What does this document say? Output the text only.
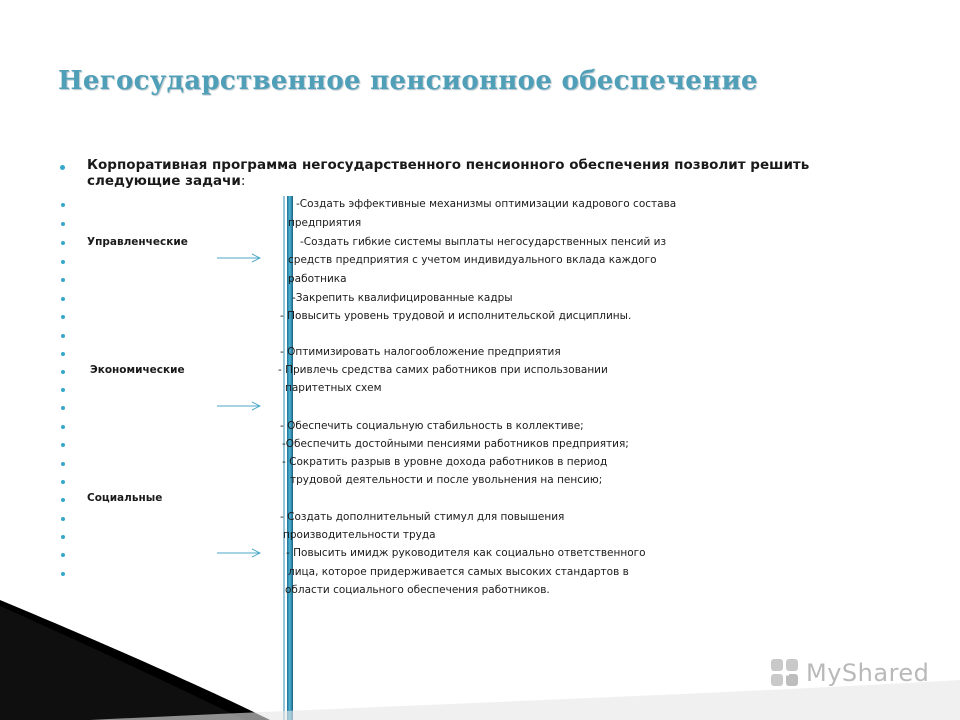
Негосударственное пенсионное обеспечение
Корпоративная программа негосударственного пенсионного обеспечения позволит решить следующие задачи:
Управленческие
Экономические
Социальные
-Создать эффективные механизмы оптимизации кадрового состава
предприятия
-Создать гибкие системы выплаты негосударственных пенсий из
средств предприятия с учетом индивидуального вклада каждого
работника
-Закрепить квалифицированные кадры
- Повысить уровень трудовой и исполнительской дисциплины.
- Оптимизировать налогообложение предприятия
- Привлечь средства самих работников при использовании
паритетных схем
- Обеспечить социальную стабильность в коллективе;
-Обеспечить достойными пенсиями работников предприятия;
- Сократить разрыв в уровне дохода работников в период
трудовой деятельности и после увольнения на пенсию;
- Создать дополнительный стимул для повышения
производительности труда
- Повысить имидж руководителя как социально ответственного
лица, которое придерживается самых высоких стандартов в
области социального обеспечения работников.
MyShared
